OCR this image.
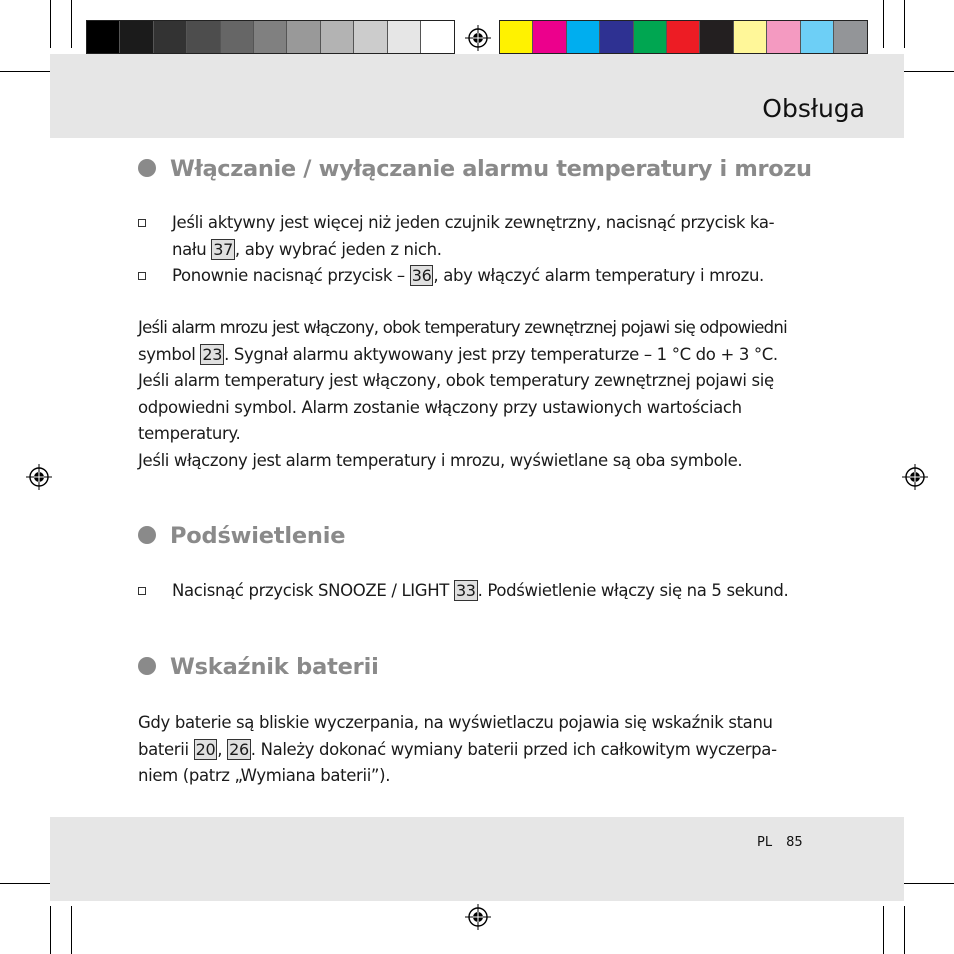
Obsługa
Włączanie / wyłączanie alarmu temperatury i mrozu
Jeśli aktywny jest więcej niż jeden czujnik zewnętrzny, nacisnąć przycisk ka-
nału 37 , aby wybrać jeden z nich.
Ponownie nacisnąć przycisk – 36 , aby włączyć alarm temperatury i mrozu.
Jeśli alarm mrozu jest włączony, obok temperatury zewnętrznej pojawi się odpowiedni
symbol 23 . Sygnał alarmu aktywowany jest przy temperaturze – 1 °C do + 3 °C.
Jeśli alarm temperatury jest włączony, obok temperatury zewnętrznej pojawi się
odpowiedni symbol. Alarm zostanie włączony przy ustawionych wartościach
temperatury.
Jeśli włączony jest alarm temperatury i mrozu, wyświetlane są oba symbole.
Podświetlenie
Nacisnąć przycisk SNOOZE / LIGHT 33 . Podświetlenie włączy się na 5 sekund.
Wskaźnik baterii
Gdy baterie są bliskie wyczerpania, na wyświetlaczu pojawia się wskaźnik stanu
baterii 20 , 26 . Należy dokonać wymiany baterii przed ich całkowitym wyczerpa-
niem (patrz „Wymiana baterii”).
PL 85
